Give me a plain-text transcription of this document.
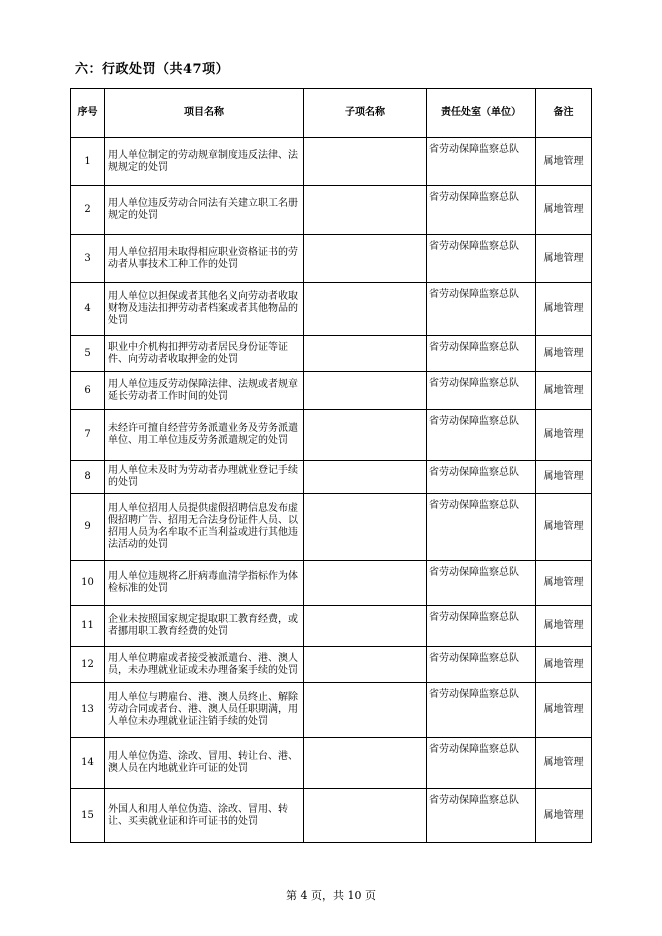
六：行政处罚（共47项）
序号	项目名称	子项名称	责任处室（单位）	备注
1	用人单位制定的劳动规章制度违反法律、法规规定的处罚		省劳动保障监察总队	属地管理
2	用人单位违反劳动合同法有关建立职工名册规定的处罚		省劳动保障监察总队	属地管理
3	用人单位招用未取得相应职业资格证书的劳动者从事技术工种工作的处罚		省劳动保障监察总队	属地管理
4	用人单位以担保或者其他名义向劳动者收取财物及违法扣押劳动者档案或者其他物品的处罚		省劳动保障监察总队	属地管理
5	职业中介机构扣押劳动者居民身份证等证件、向劳动者收取押金的处罚		省劳动保障监察总队	属地管理
6	用人单位违反劳动保障法律、法规或者规章延长劳动者工作时间的处罚		省劳动保障监察总队	属地管理
7	未经许可擅自经营劳务派遣业务及劳务派遣单位、用工单位违反劳务派遣规定的处罚		省劳动保障监察总队	属地管理
8	用人单位未及时为劳动者办理就业登记手续的处罚		省劳动保障监察总队	属地管理
9	用人单位招用人员提供虚假招聘信息发布虚假招聘广告、招用无合法身份证件人员、以招用人员为名牟取不正当利益或进行其他违法活动的处罚		省劳动保障监察总队	属地管理
10	用人单位违规将乙肝病毒血清学指标作为体检标准的处罚		省劳动保障监察总队	属地管理
11	企业未按照国家规定提取职工教育经费，或者挪用职工教育经费的处罚		省劳动保障监察总队	属地管理
12	用人单位聘雇或者接受被派遣台、港、澳人员，未办理就业证或未办理备案手续的处罚		省劳动保障监察总队	属地管理
13	用人单位与聘雇台、港、澳人员终止、解除劳动合同或者台、港、澳人员任职期满，用人单位未办理就业证注销手续的处罚		省劳动保障监察总队	属地管理
14	用人单位伪造、涂改、冒用、转让台、港、澳人员在内地就业许可证的处罚		省劳动保障监察总队	属地管理
15	外国人和用人单位伪造、涂改、冒用、转让、买卖就业证和许可证书的处罚		省劳动保障监察总队	属地管理
第 4 页，共 10 页
